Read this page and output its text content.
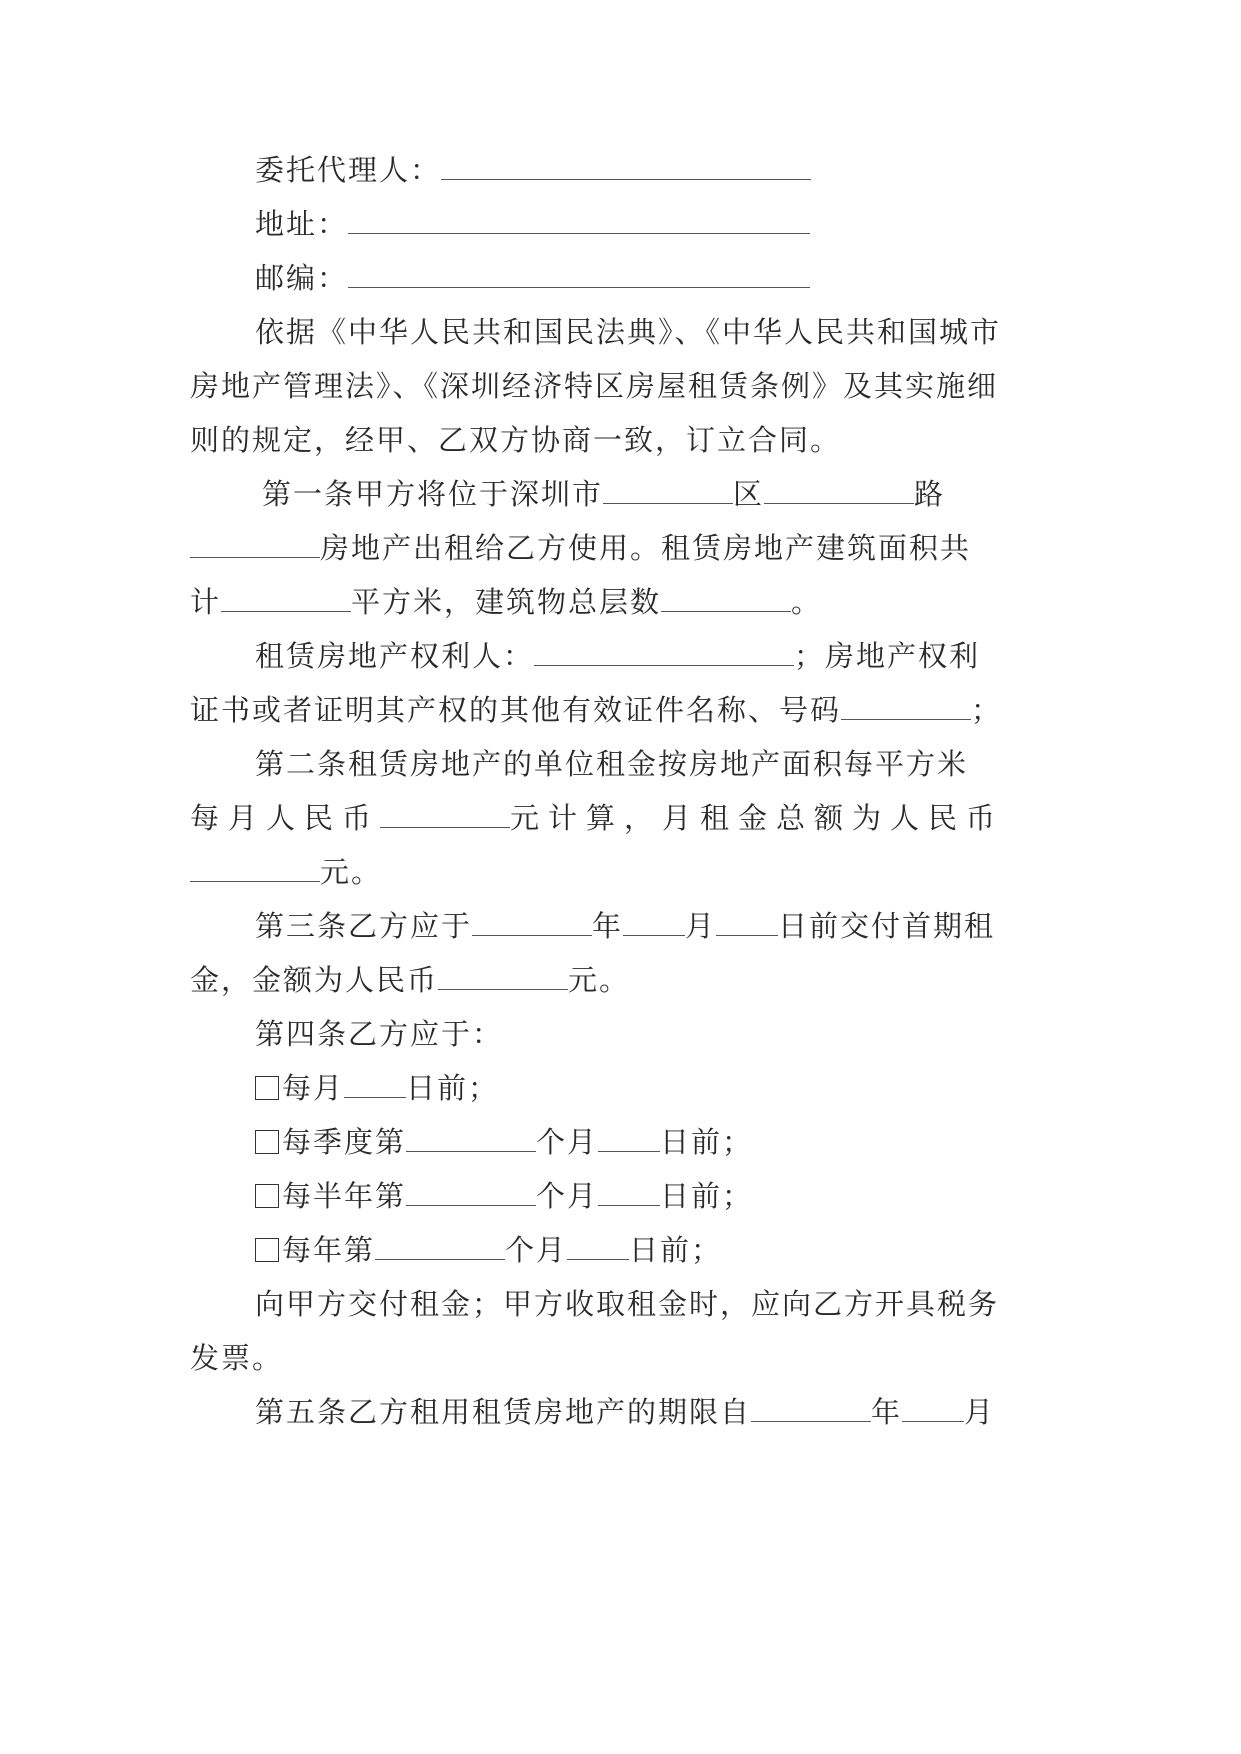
委托代理人：
地址：
邮编：
依据《中华人民共和国民法典》、《中华人民共和国城市
房地产管理法》、《深圳经济特区房屋租赁条例》及其实施细
则的规定，经甲、乙双方协商一致，订立合同。
第一条甲方将位于深圳市	区	路
房地产出租给乙方使用。租赁房地产建筑面积共
计	平方米，建筑物总层数	。
租赁房地产权利人：	；房地产权利
证书或者证明其产权的其他有效证件名称、号码	；
第二条租赁房地产的单位租金按房地产面积每平方米
每月人民币	元计算，月租金总额为人民币
元。
第三条乙方应于	年 月 日前交付首期租
金，金额为人民币	元。
第四条乙方应于：
每月 日前；
每季度第	个月 日前；
每半年第	个月 日前；
每年第	个月 日前；
向甲方交付租金；甲方收取租金时，应向乙方开具税务
发票。
第五条乙方租用租赁房地产的期限自	年 月
